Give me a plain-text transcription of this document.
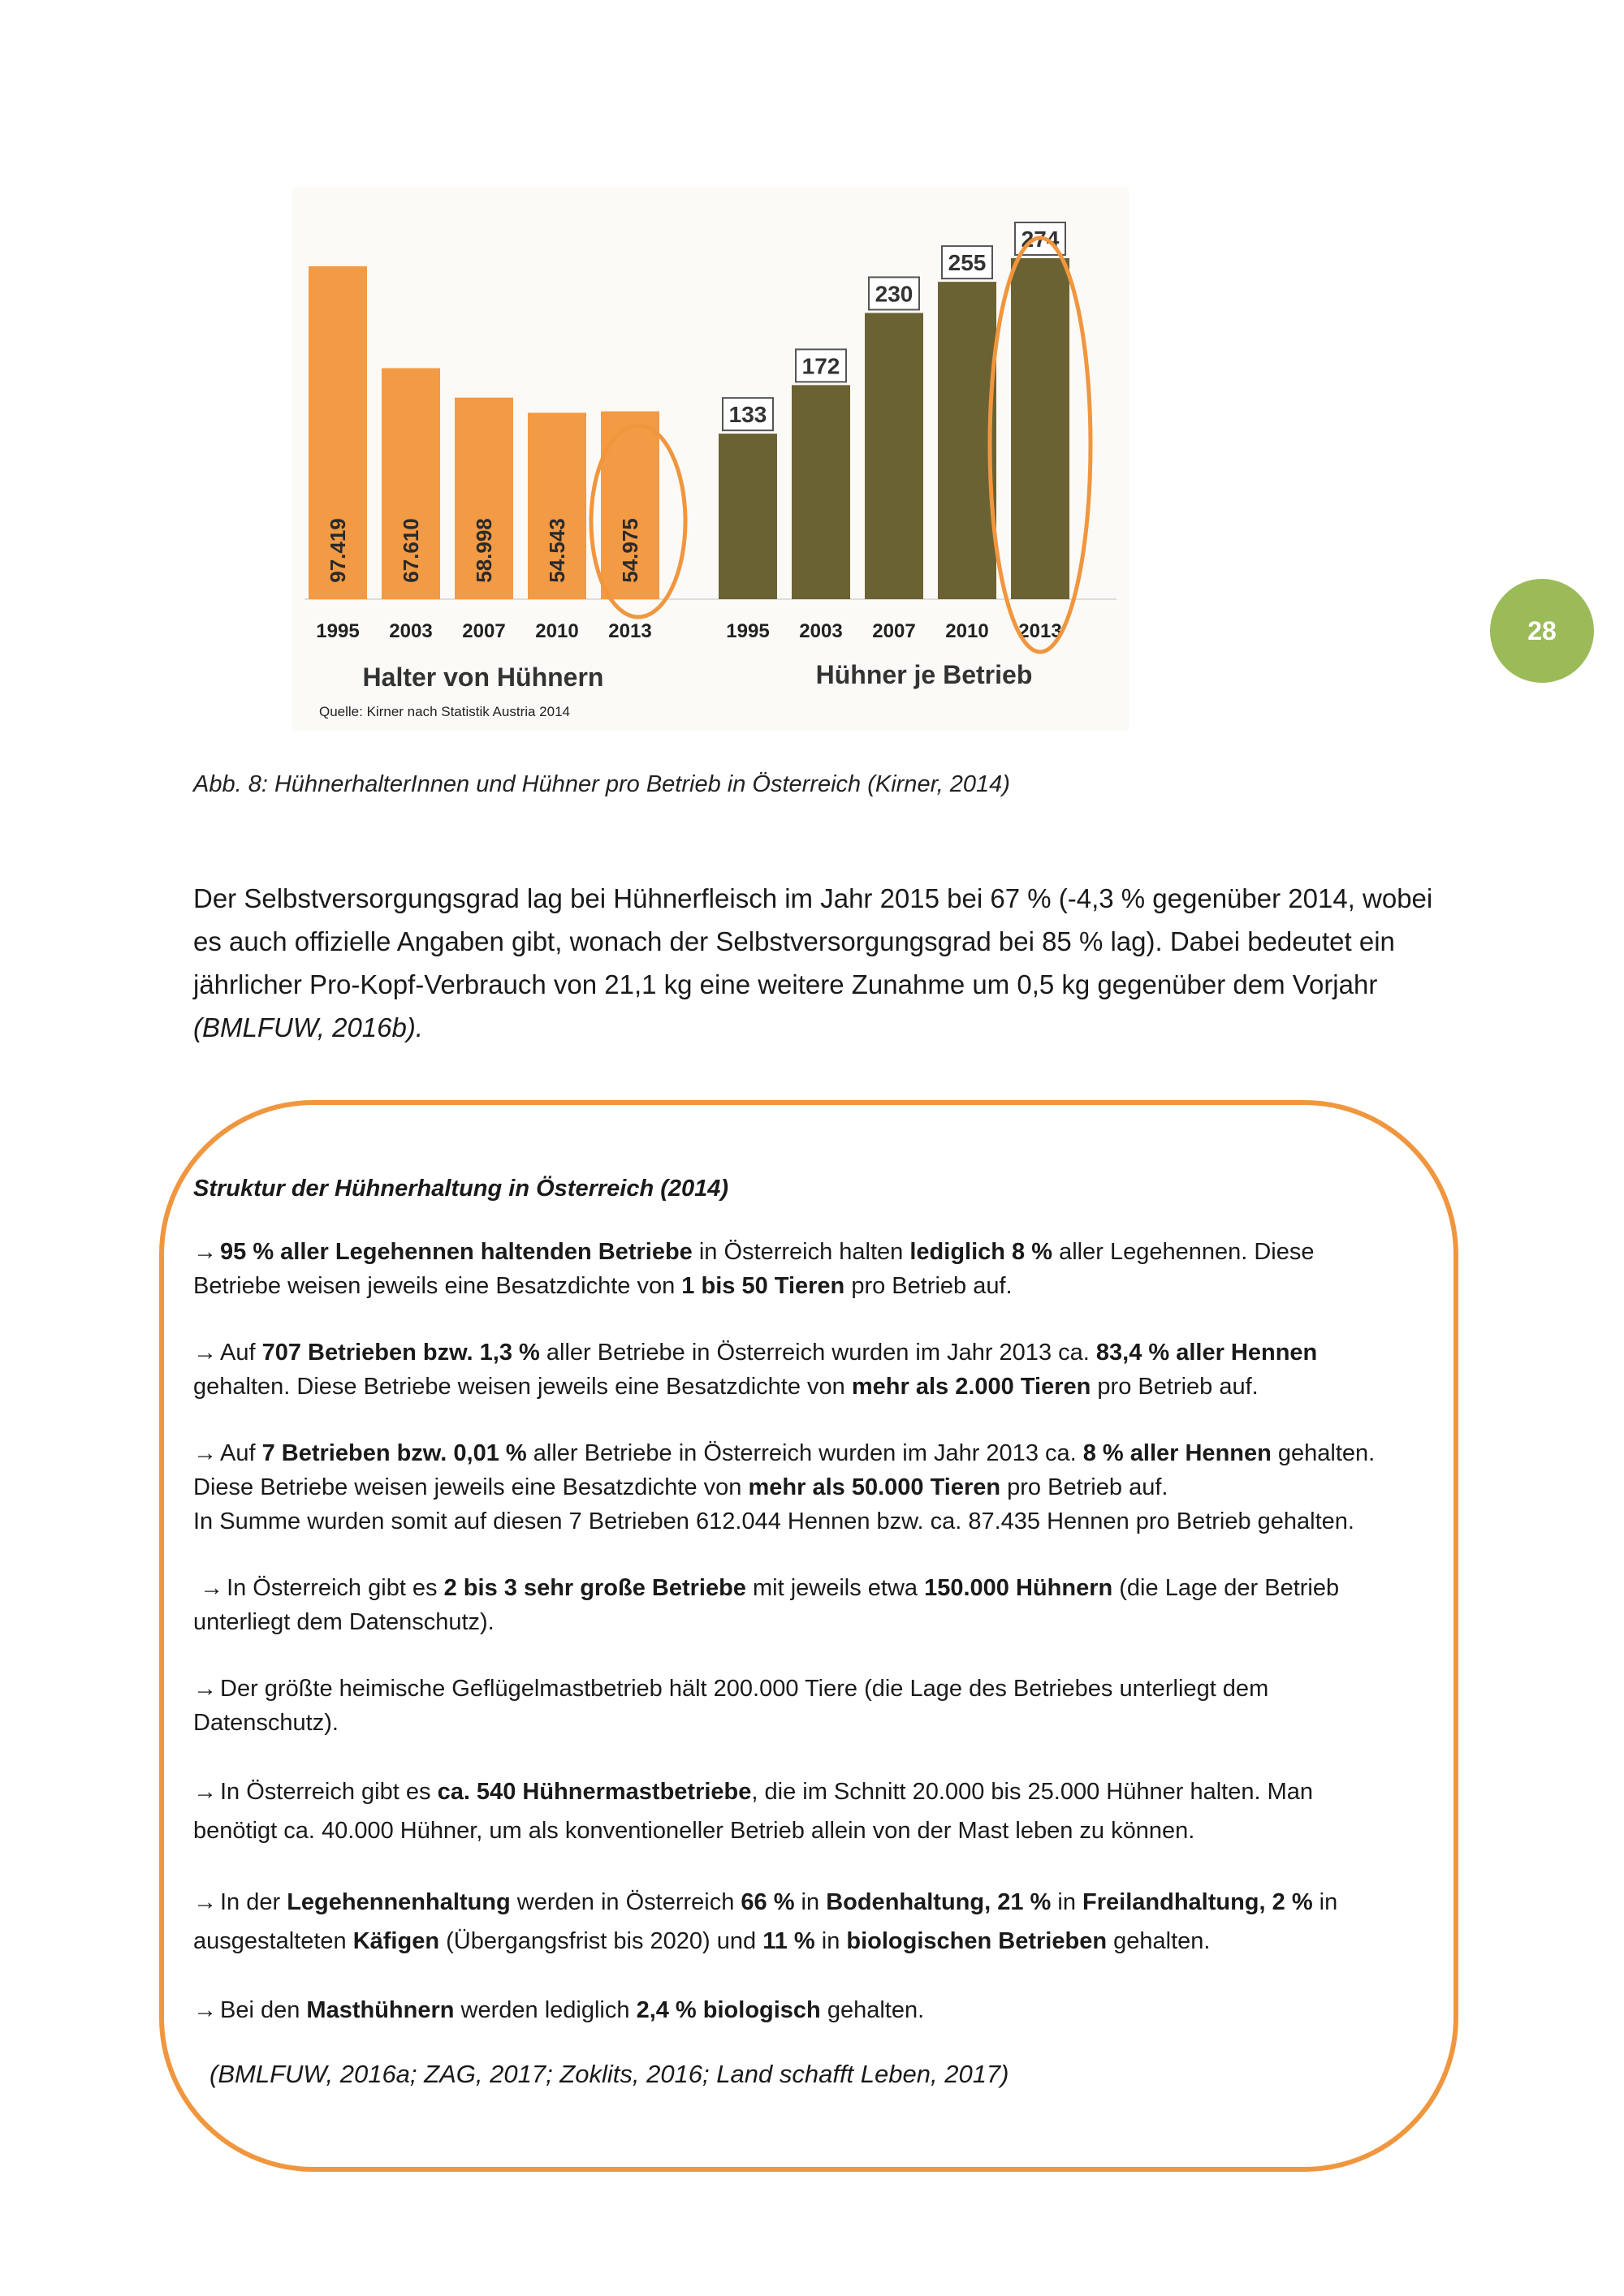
1995
97.419
2003
67.610
2007
58.998
2010
54.543
2013
54.975
1995
133
2003
172
2007
230
2010
255
2013
274
Halter von Hühnern	Hühner je Betrieb
Quelle: Kirner nach Statistik Austria 2014
28
Abb. 8: HühnerhalterInnen und Hühner pro Betrieb in Österreich (Kirner, 2014)
Der Selbstversorgungsgrad lag bei Hühnerfleisch im Jahr 2015 bei 67 % (-4,3 % gegenüber 2014, wobei es auch offizielle Angaben gibt, wonach der Selbstversorgungsgrad bei 85 % lag). Dabei bedeutet ein jährlicher Pro-Kopf-Verbrauch von 21,1 kg eine weitere Zunahme um 0,5 kg gegenüber dem Vorjahr (BMLFUW, 2016b).
Struktur der Hühnerhaltung in Österreich (2014)
→ 95 % aller Legehennen haltenden Betriebe in Österreich halten lediglich 8 % aller Legehennen. Diese
Betriebe weisen jeweils eine Besatzdichte von 1 bis 50 Tieren pro Betrieb auf.
→ Auf 707 Betrieben bzw. 1,3 % aller Betriebe in Österreich wurden im Jahr 2013 ca. 83,4 % aller Hennen
gehalten. Diese Betriebe weisen jeweils eine Besatzdichte von mehr als 2.000 Tieren pro Betrieb auf.
→ Auf 7 Betrieben bzw. 0,01 % aller Betriebe in Österreich wurden im Jahr 2013 ca. 8 % aller Hennen gehalten.
Diese Betriebe weisen jeweils eine Besatzdichte von mehr als 50.000 Tieren pro Betrieb auf.
In Summe wurden somit auf diesen 7 Betrieben 612.044 Hennen bzw. ca. 87.435 Hennen pro Betrieb gehalten.
→ In Österreich gibt es 2 bis 3 sehr große Betriebe mit jeweils etwa 150.000 Hühnern (die Lage der Betrieb
unterliegt dem Datenschutz).
→ Der größte heimische Geflügelmastbetrieb hält 200.000 Tiere (die Lage des Betriebes unterliegt dem
Datenschutz).
→ In Österreich gibt es ca. 540 Hühnermastbetriebe, die im Schnitt 20.000 bis 25.000 Hühner halten. Man
benötigt ca. 40.000 Hühner, um als konventioneller Betrieb allein von der Mast leben zu können.
→ In der Legehennenhaltung werden in Österreich 66 % in Bodenhaltung, 21 % in Freilandhaltung, 2 % in
ausgestalteten Käfigen (Übergangsfrist bis 2020) und 11 % in biologischen Betrieben gehalten.
→ Bei den Masthühnern werden lediglich 2,4 % biologisch gehalten.
(BMLFUW, 2016a; ZAG, 2017; Zoklits, 2016; Land schafft Leben, 2017)
